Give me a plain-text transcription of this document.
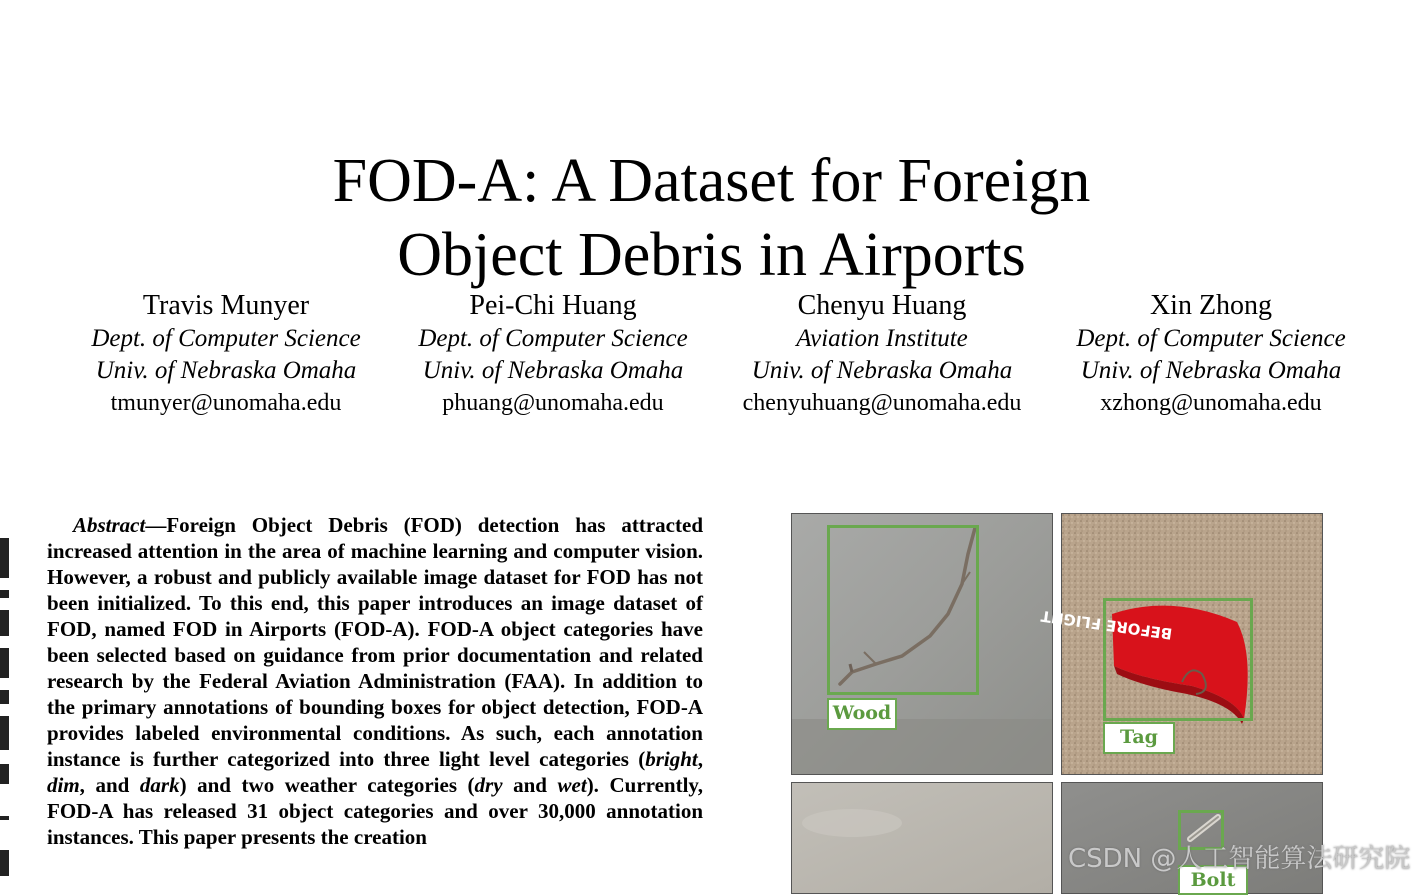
FOD-A: A Dataset for Foreign
Object Debris in Airports
Travis Munyer
Dept. of Computer Science
Univ. of Nebraska Omaha
tmunyer@unomaha.edu
Pei-Chi Huang
Dept. of Computer Science
Univ. of Nebraska Omaha
phuang@unomaha.edu
Chenyu Huang
Aviation Institute
Univ. of Nebraska Omaha
chenyuhuang@unomaha.edu
Xin Zhong
Dept. of Computer Science
Univ. of Nebraska Omaha
xzhong@unomaha.edu

Abstract—Foreign Object Debris (FOD) detection has attracted increased attention in the area of machine learning and computer vision. However, a robust and publicly available image dataset for FOD has not been initialized. To this end, this paper introduces an image dataset of FOD, named FOD in Airports (FOD-A). FOD-A object categories have been selected based on guidance from prior documentation and related research by the Federal Aviation Administration (FAA). In addition to the primary annotations of bounding boxes for object detection, FOD-A provides labeled environmental conditions. As such, each annotation instance is further categorized into three light level categories (bright, dim, and dark) and two weather categories (dry and wet). Currently, FOD-A has released 31 object categories and over 30,000 annotation instances. This paper presents the creation

Wood
BEFORE FLIGHT
Tag
Bolt
CSDN @人工智能算法研究院
